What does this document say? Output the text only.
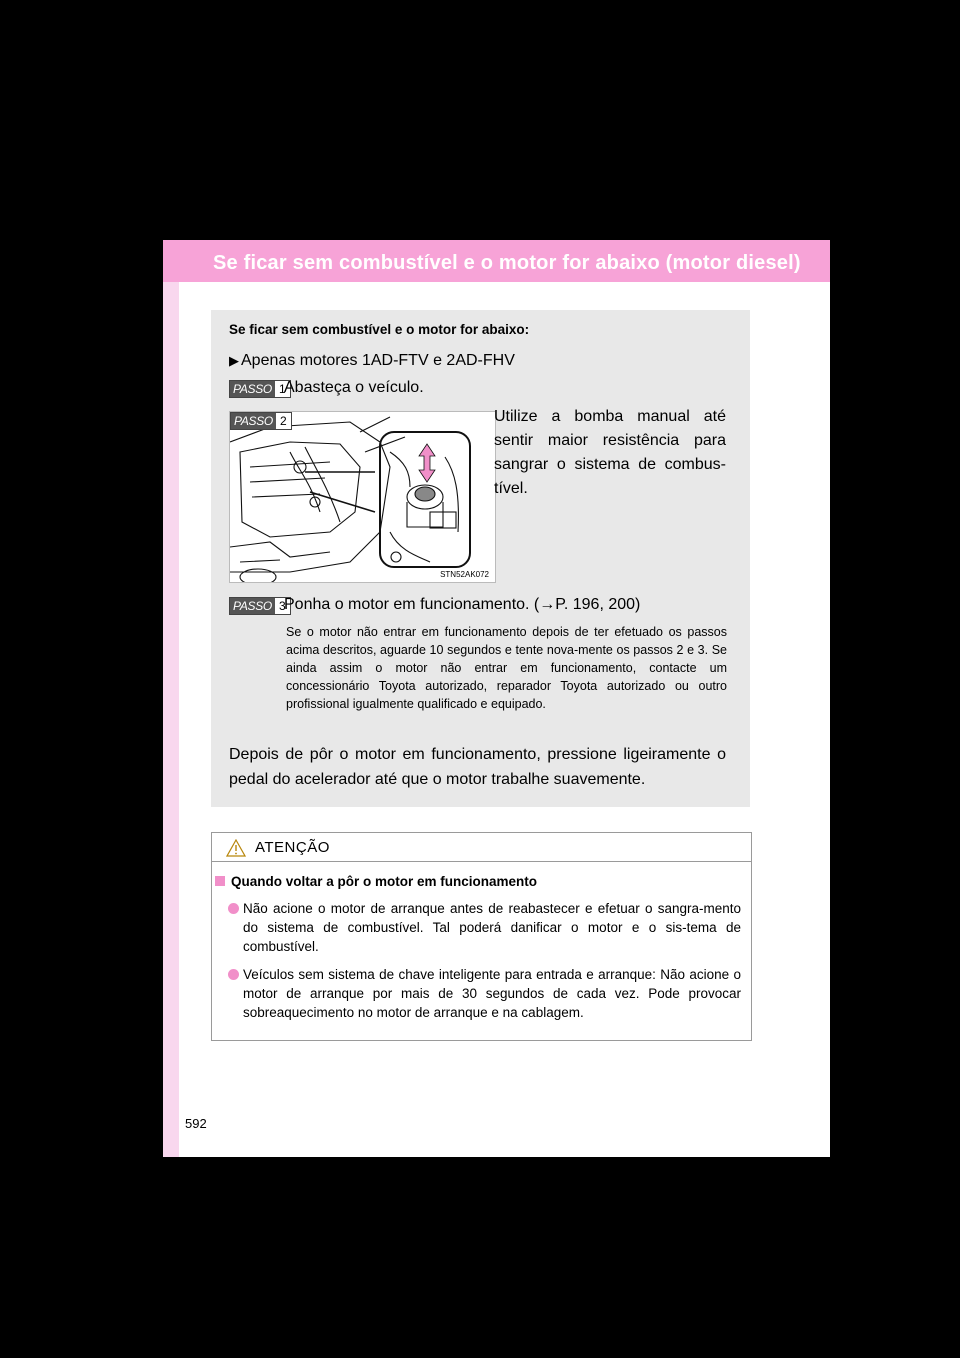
Se ficar sem combustível e o motor for abaixo (motor diesel)
Se ficar sem combustível e o motor for abaixo:
▶ Apenas motores 1AD-FTV e 2AD-FHV
PASSO 1
Abasteça o veículo.
PASSO 2
STN52AK072
Utilize a bomba manual até sentir maior resistência para sangrar o sistema de combus-tível.
PASSO 3
Ponha o motor em funcionamento. (→P. 196, 200)
Se o motor não entrar em funcionamento depois de ter efetuado os passos acima descritos, aguarde 10 segundos e tente nova-mente os passos 2 e 3. Se ainda assim o motor não entrar em funcionamento, contacte um concessionário Toyota autorizado, reparador Toyota autorizado ou outro profissional igualmente qualificado e equipado.
Depois de pôr o motor em funcionamento, pressione ligeiramente o pedal do acelerador até que o motor trabalhe suavemente.
ATENÇÃO
Quando voltar a pôr o motor em funcionamento
Não acione o motor de arranque antes de reabastecer e efetuar o sangra-mento do sistema de combustível. Tal poderá danificar o motor e o sis-tema de combustível.
Veículos sem sistema de chave inteligente para entrada e arranque: Não acione o motor de arranque por mais de 30 segundos de cada vez. Pode provocar sobreaquecimento no motor de arranque e na cablagem.
592
